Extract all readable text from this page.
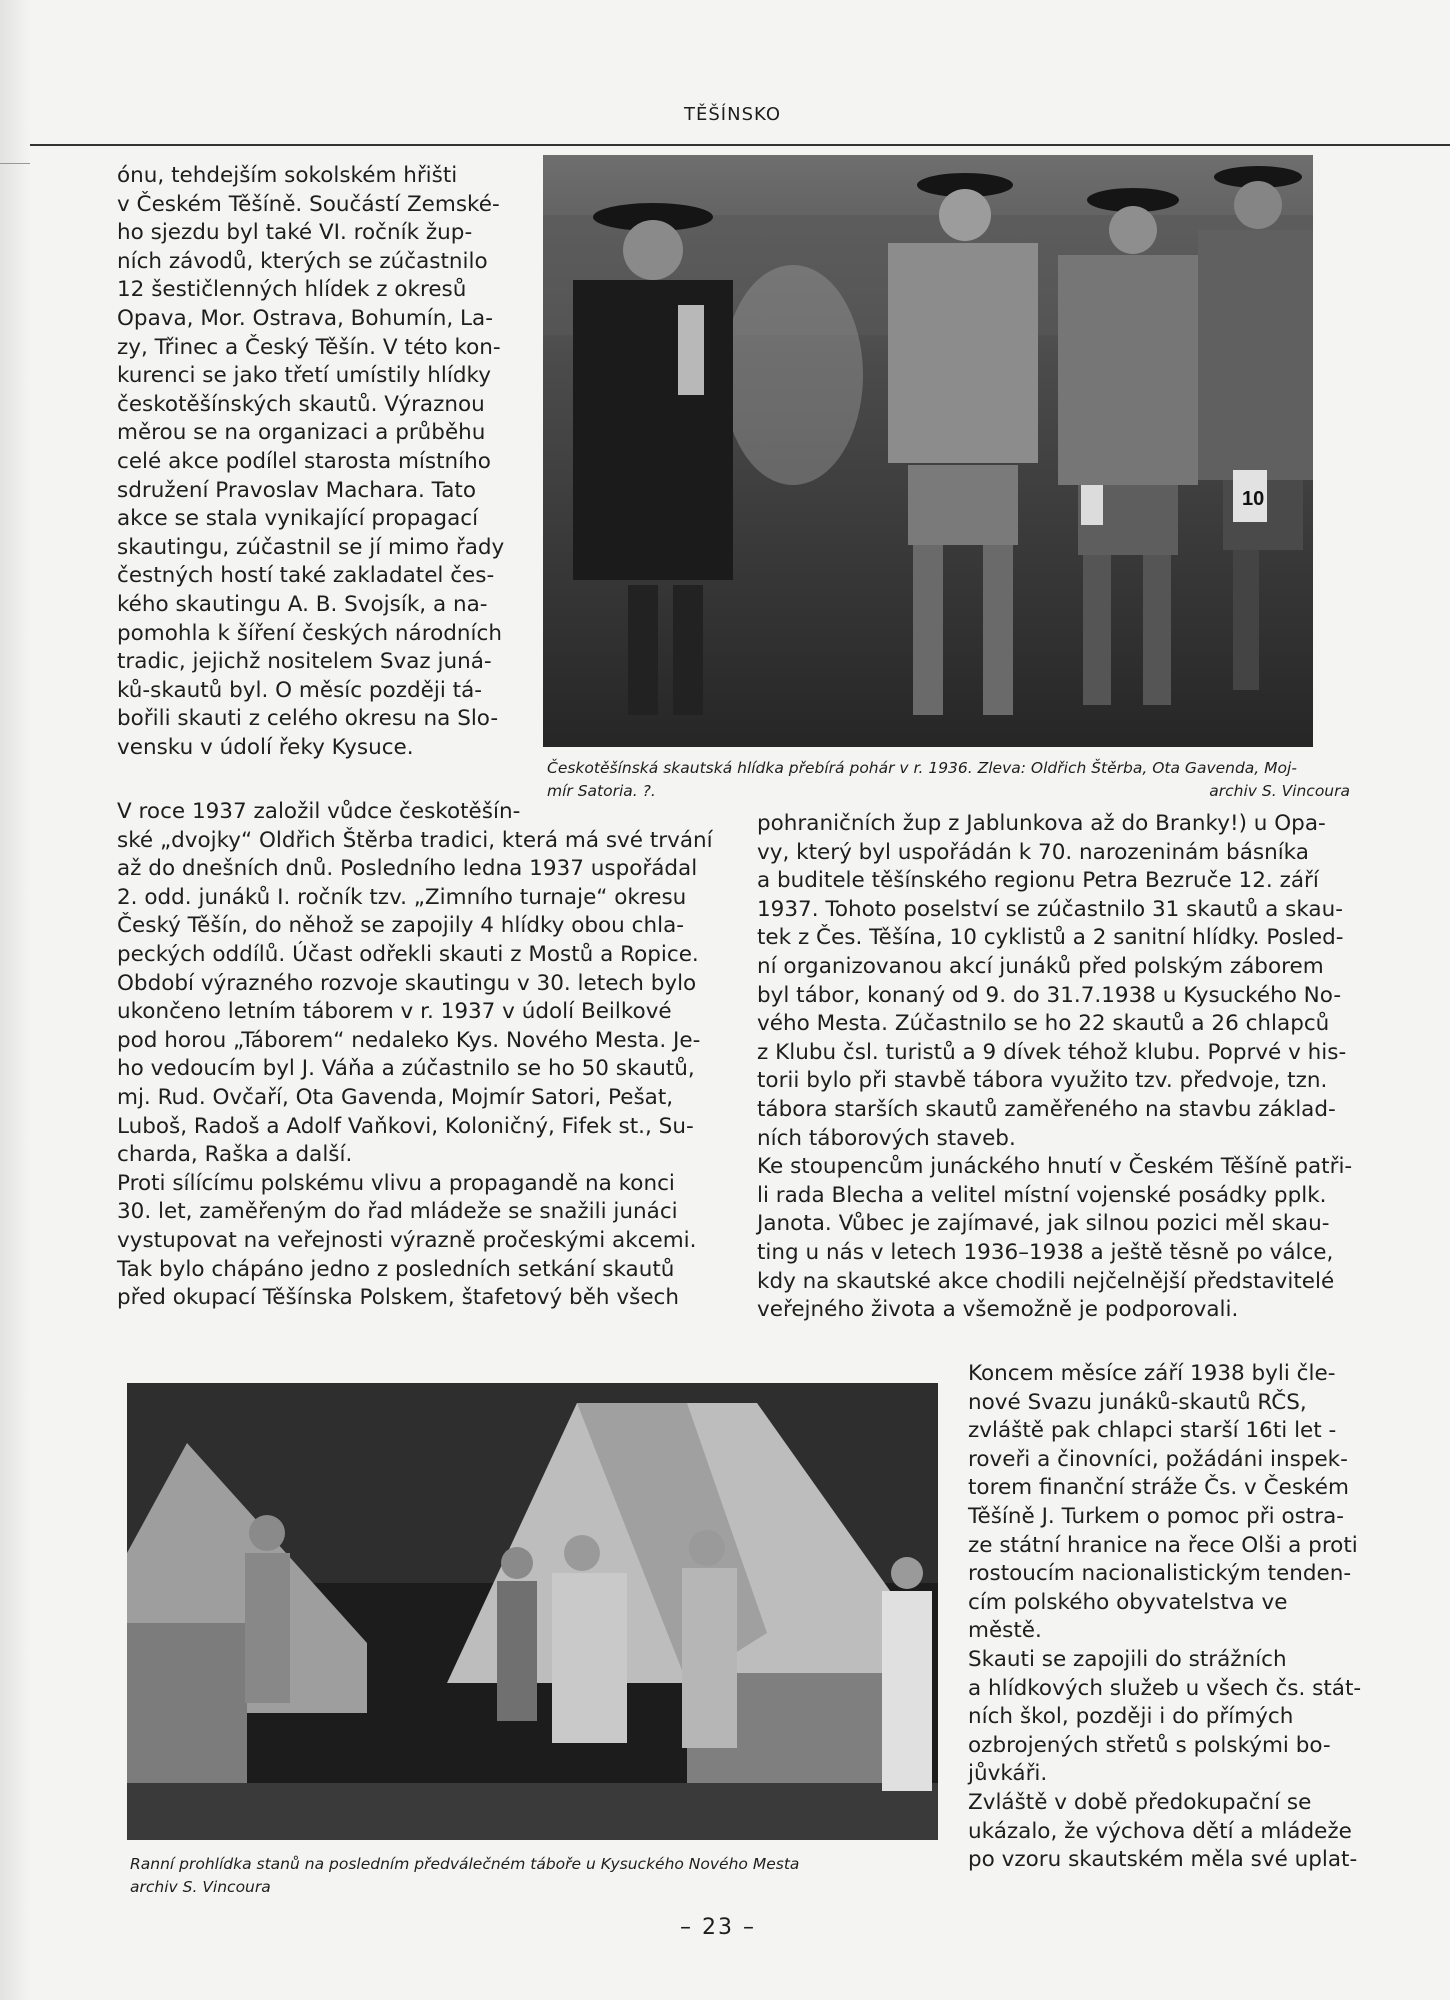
TĚŠÍNSKO

ónu, tehdejším sokolském hřišti
v Českém Těšíně. Součástí Zemské-
ho sjezdu byl také VI. ročník žup-
ních závodů, kterých se zúčastnilo
12 šestičlenných hlídek z okresů
Opava, Mor. Ostrava, Bohumín, La-
zy, Třinec a Český Těšín. V této kon-
kurenci se jako třetí umístily hlídky
českotěšínských skautů. Výraznou
měrou se na organizaci a průběhu
celé akce podílel starosta místního
sdružení Pravoslav Machara. Tato
akce se stala vynikající propagací
skautingu, zúčastnil se jí mimo řady
čestných hostí také zakladatel čes-
kého skautingu A. B. Svojsík, a na-
pomohla k šíření českých národních
tradic, jejichž nositelem Svaz juná-
ků-skautů byl. O měsíc později tá-
bořili skauti z celého okresu na Slo-
vensku v údolí řeky Kysuce.

10

Českotěšínská skautská hlídka přebírá pohár v r. 1936. Zleva: Oldřich Štěrba, Ota Gavenda, Moj-
mír Satoria. ?.	archiv S. Vincoura

V roce 1937 založil vůdce českotěšín-
ské „dvojky“ Oldřich Štěrba tradici, která má své trvání
až do dnešních dnů. Posledního ledna 1937 uspořádal
2. odd. junáků I. ročník tzv. „Zimního turnaje“ okresu
Český Těšín, do něhož se zapojily 4 hlídky obou chla-
peckých oddílů. Účast odřekli skauti z Mostů a Ropice.
Období výrazného rozvoje skautingu v 30. letech bylo
ukončeno letním táborem v r. 1937 v údolí Beilkové
pod horou „Táborem“ nedaleko Kys. Nového Mesta. Je-
ho vedoucím byl J. Váňa a zúčastnilo se ho 50 skautů,
mj. Rud. Ovčaří, Ota Gavenda, Mojmír Satori, Pešat,
Luboš, Radoš a Adolf Vaňkovi, Koloničný, Fifek st., Su-
charda, Raška a další.
Proti sílícímu polskému vlivu a propagandě na konci
30. let, zaměřeným do řad mládeže se snažili junáci
vystupovat na veřejnosti výrazně pročeskými akcemi.
Tak bylo chápáno jedno z posledních setkání skautů
před okupací Těšínska Polskem, štafetový běh všech

pohraničních žup z Jablunkova až do Branky!) u Opa-
vy, který byl uspořádán k 70. narozeninám básníka
a buditele těšínského regionu Petra Bezruče 12. září
1937. Tohoto poselství se zúčastnilo 31 skautů a skau-
tek z Čes. Těšína, 10 cyklistů a 2 sanitní hlídky. Posled-
ní organizovanou akcí junáků před polským záborem
byl tábor, konaný od 9. do 31.7.1938 u Kysuckého No-
vého Mesta. Zúčastnilo se ho 22 skautů a 26 chlapců
z Klubu čsl. turistů a 9 dívek téhož klubu. Poprvé v his-
torii bylo při stavbě tábora využito tzv. předvoje, tzn.
tábora starších skautů zaměřeného na stavbu základ-
ních táborových staveb.
Ke stoupencům junáckého hnutí v Českém Těšíně patři-
li rada Blecha a velitel místní vojenské posádky pplk.
Janota. Vůbec je zajímavé, jak silnou pozici měl skau-
ting u nás v letech 1936–1938 a ještě těsně po válce,
kdy na skautské akce chodili nejčelnější představitelé
veřejného života a všemožně je podporovali.

Ranní prohlídka stanů na posledním předválečném táboře u Kysuckého Nového Mesta
archiv S. Vincoura

Koncem měsíce září 1938 byli čle-
nové Svazu junáků-skautů RČS,
zvláště pak chlapci starší 16ti let -
roveři a činovníci, požádáni inspek-
torem finanční stráže Čs. v Českém
Těšíně J. Turkem o pomoc při ostra-
ze státní hranice na řece Olši a proti
rostoucím nacionalistickým tenden-
cím polského obyvatelstva ve městě.
Skauti se zapojili do strážních
a hlídkových služeb u všech čs. stát-
ních škol, později i do přímých
ozbrojených střetů s polskými bo-
jůvkáři.
Zvláště v době předokupační se
ukázalo, že výchova dětí a mládeže
po vzoru skautském měla své uplat-

– 23 –
